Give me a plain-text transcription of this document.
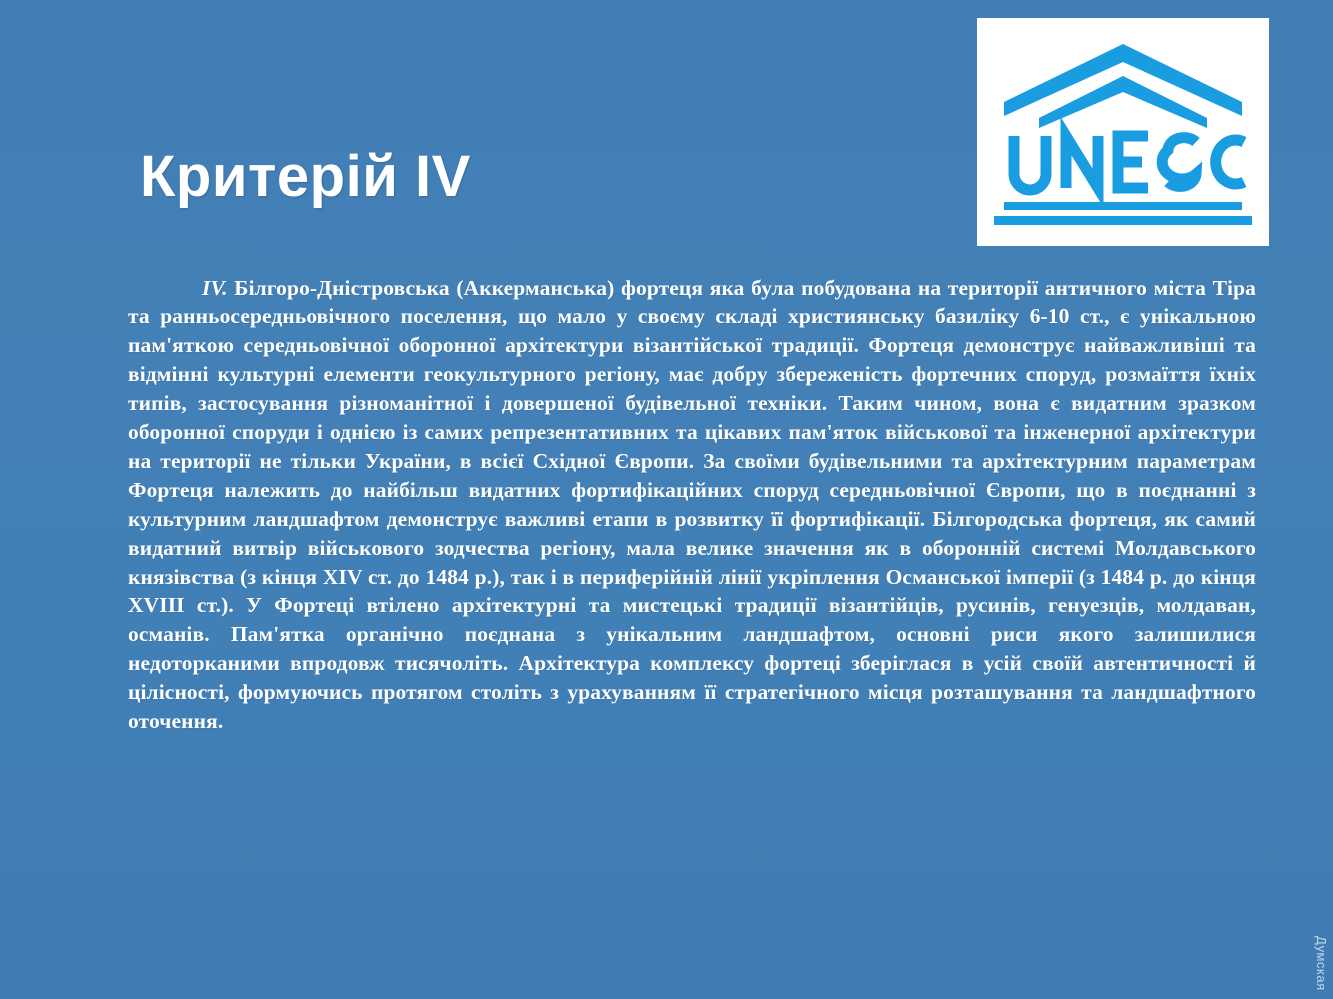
Критерій IV

IV. Білгоро-Дністровська (Аккерманська) фортеця яка була побудована на території античного міста Тіра та ранньосередньовічного поселення, що мало у своєму складі християнську базиліку 6-10 ст., є унікальною пам'яткою середньовічної оборонної архітектури візантійської традиції. Фортеця демонструє найважливіші та відмінні культурні елементи геокультурного регіону, має добру збереженість фортечних споруд, розмаїття їхніх типів, застосування різноманітної і довершеної будівельної техніки. Таким чином, вона є видатним зразком оборонної споруди і однією із самих репрезентативних та цікавих пам'яток військової та інженерної архітектури на території не тільки України, в всієї Східної Європи. За своїми будівельними та архітектурним параметрам Фортеця належить до найбільш видатних фортифікаційних споруд середньовічної Європи, що в поєднанні з культурним ландшафтом демонструє важливі етапи в розвитку її фортифікації. Білгородська фортеця, як самий видатний витвір військового зодчества регіону, мала велике значення як в оборонній системі Молдавського князівства (з кінця XIV ст. до 1484 р.), так і в периферійній лінії укріплення Османської імперії (з 1484 р. до кінця XVIII ст.). У Фортеці втілено архітектурні та мистецькі традиції візантійців, русинів, генуезців, молдаван, османів. Пам'ятка органічно поєднана з унікальним ландшафтом, основні риси якого залишилися недоторканими впродовж тисячоліть. Архітектура комплексу фортеці зберіглася в усій своїй автентичності й цілісності, формуючись протягом століть з урахуванням її стратегічного місця розташування та ландшафтного оточення.

Думская
